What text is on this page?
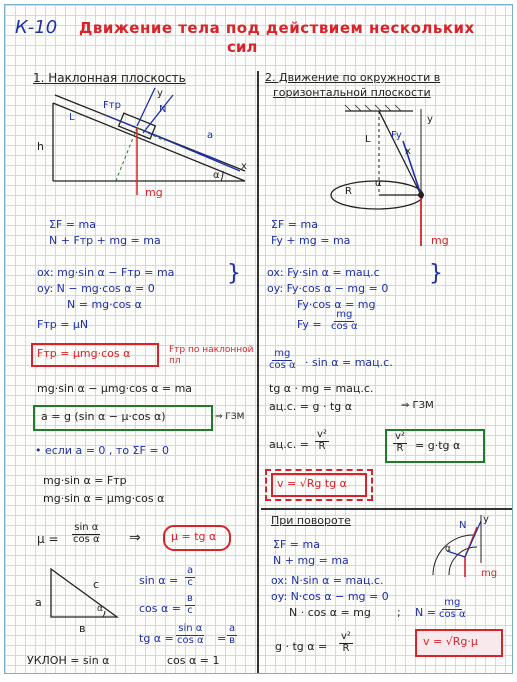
К-10 Движение тела под действием нескольких
сил
1. Наклонная плоскость
Fтр	N
y
a
x
h
L
mg
α
ΣF = ma
N + Fтр + mg = ma
ox: mg·sin α − Fтр = ma }
oy: N − mg·cos α = 0
N = mg·cos α
Fтр = μN
Fтр = μmg·cos α	Fтр по наклонной пл
mg·sin α − μmg·cos α = ma
a = g (sin α − μ·cos α)	⇒ ГЗМ
• если a = 0 , то ΣF = 0
mg·sin α = Fтр
mg·sin α = μmg·cos α
$\mu = \frac{\text{sin α}}{\text{cos α}}$ ⇒	μ = tg α
a
в
c
α
$\sin \alpha = \frac{a}{c}$
cos α =
в
c
tg $\alpha = \frac{\text{sin α}}{\text{cos α}}$ =
a
в
УКЛОН = sin α	cos α = 1
2. Движение по окружности в
горизонтальной плоскости
Fy
y
x
R
L
α
mg
ΣF = ma
Fy + mg = ma
ox: Fy·sin α = maц.с }
oy: Fy·cos α − mg = 0
Fy·cos α = mg
$Fy = \frac{mg}{\text{cos α}}$
$\frac{mg}{\text{cos α}} \cdot \sin \alpha = maц.с$.
tg α · mg = maц.с.
aц.с. = g · tg α	⇒ ГЗМ
aц.с. = $\frac{\text{v²}}{R}$	$\frac{\text{v²}}{R} = g\cdot tg$ α
v = √Rg tg α
При повороте
ΣF = ma
N + mg = ma
ox: N·sin α = maц.с.
oy: N·cos α − mg = 0
N · cos α = mg ; $N = \frac{mg}{\text{cos α}}$
g · tg $\alpha = \frac{\text{v²}}{R}$	v = √Rg·μ
N
y
α
mg
